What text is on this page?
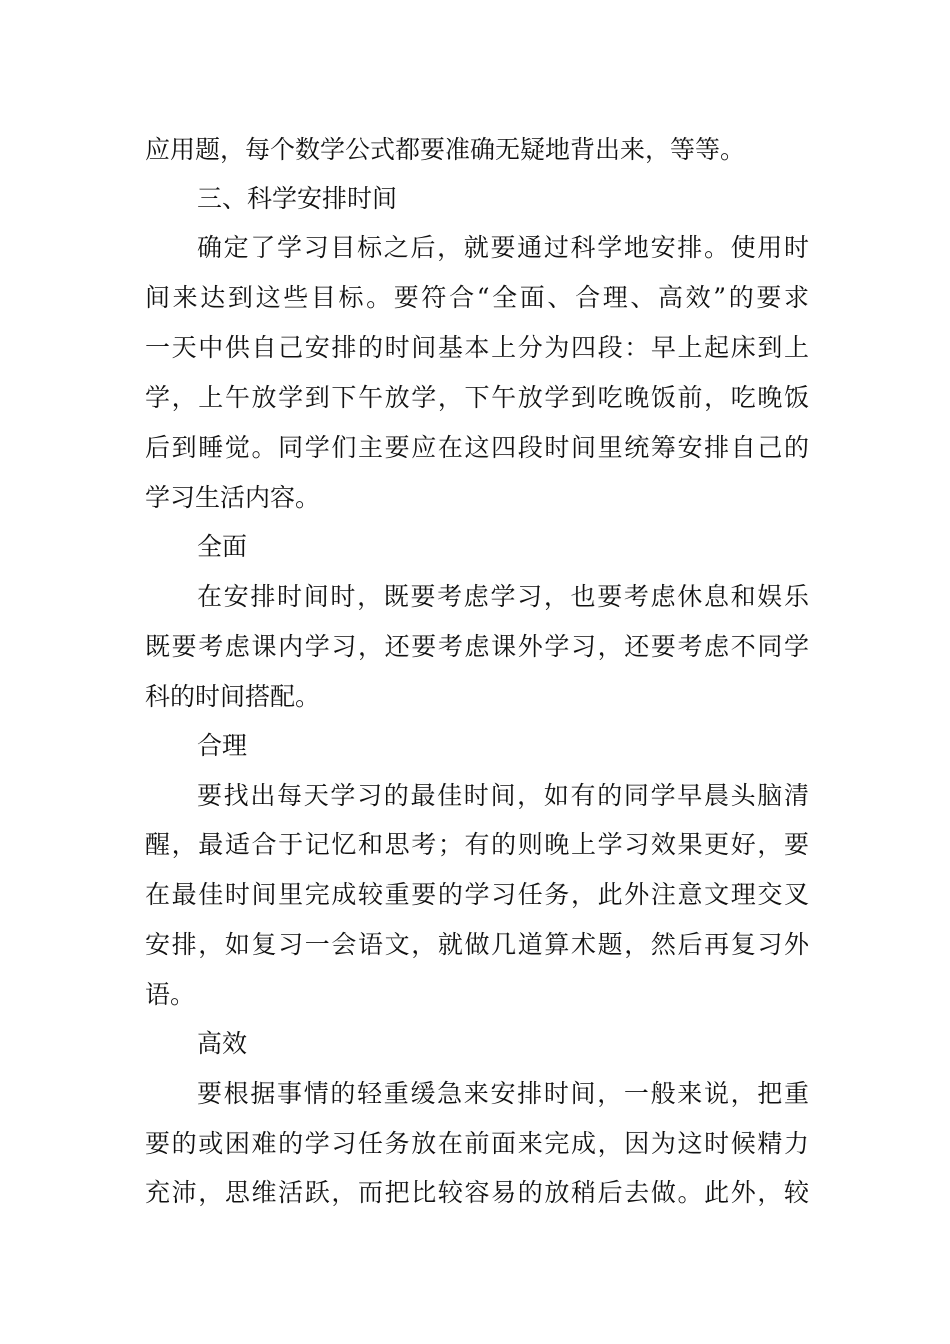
应用题，每个数学公式都要准确无疑地背出来，等等。
三、科学安排时间
确定了学习目标之后，就要通过科学地安排。使用时
间来达到这些目标。要符合“全面、合理、高效”的要求
一天中供自己安排的时间基本上分为四段：早上起床到上
学，上午放学到下午放学，下午放学到吃晚饭前，吃晚饭
后到睡觉。同学们主要应在这四段时间里统筹安排自己的
学习生活内容。
全面
在安排时间时，既要考虑学习，也要考虑休息和娱乐
既要考虑课内学习，还要考虑课外学习，还要考虑不同学
科的时间搭配。
合理
要找出每天学习的最佳时间，如有的同学早晨头脑清
醒，最适合于记忆和思考；有的则晚上学习效果更好，要
在最佳时间里完成较重要的学习任务，此外注意文理交叉
安排，如复习一会语文，就做几道算术题，然后再复习外
语。
高效
要根据事情的轻重缓急来安排时间，一般来说，把重
要的或困难的学习任务放在前面来完成，因为这时候精力
充沛，思维活跃，而把比较容易的放稍后去做。此外，较
